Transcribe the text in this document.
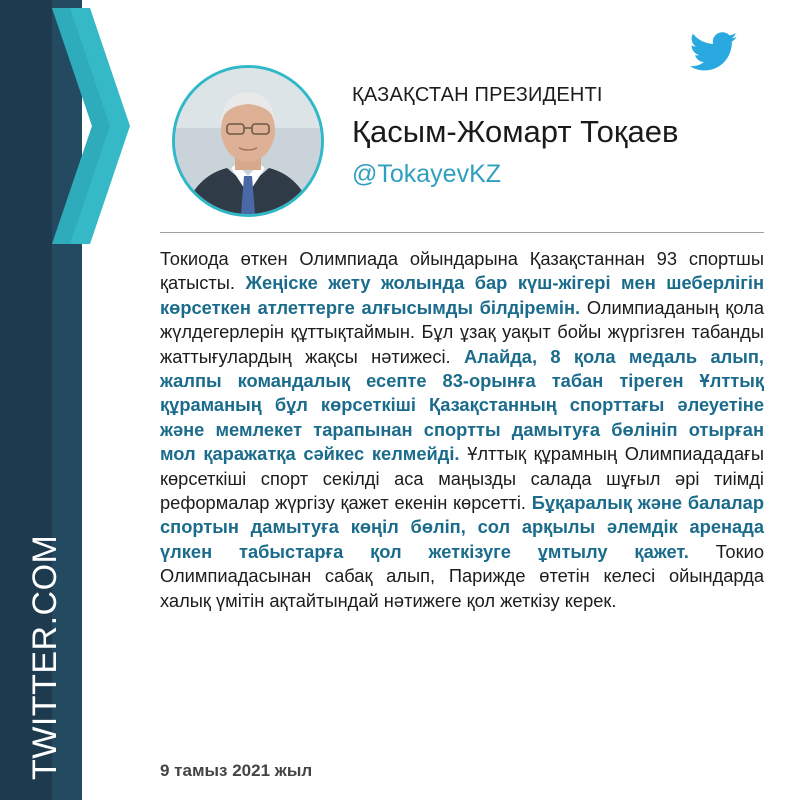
TWITTER.COM
ҚАЗАҚСТАН ПРЕЗИДЕНТІ
Қасым-Жомарт Тоқаев
@TokayevKZ
Токиода өткен Олимпиада ойындарына Қазақстаннан 93 спортшы қатысты. Жеңіске жету жолында бар күш-жігері мен шеберлігін көрсеткен атлеттерге алғысымды білдіремін. Олимпиаданың қола жүлдегерлерін құттықтаймын. Бұл ұзақ уақыт бойы жүргізген табанды жаттығулардың жақсы нәтижесі. Алайда, 8 қола медаль алып, жалпы командалық есепте 83-орынға табан тіреген Ұлттық құраманың бұл көрсеткіші Қазақстанның спорттағы әлеуетіне және мемлекет тарапынан спортты дамытуға бөлініп отырған мол қаражатқа сәйкес келмейді. Ұлттық құрамның Олимпиададағы көрсеткіші спорт секілді аса маңызды салада шұғыл әрі тиімді реформалар жүргізу қажет екенін көрсетті. Бұқаралық және балалар спортын дамытуға көңіл бөліп, сол арқылы әлемдік аренада үлкен табыстарға қол жеткізуге ұмтылу қажет. Токио Олимпиадасынан сабақ алып, Парижде өтетін келесі ойындарда халық үмітін ақтайтындай нәтижеге қол жеткізу керек.
9 тамыз 2021 жыл
